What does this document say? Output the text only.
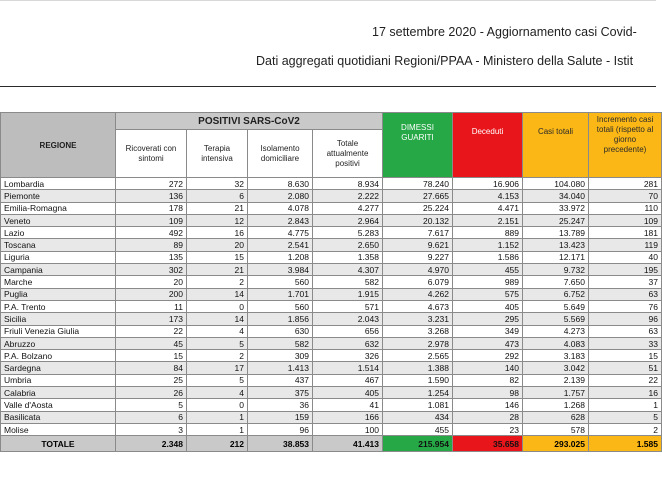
17 settembre 2020 - Aggiornamento casi Covid-
Dati aggregati quotidiani Regioni/PPAA - Ministero della Salute - Istit
REGIONE	POSITIVI SARS-CoV2				DIMESSI GUARITI	Deceduti	Casi totali	Incremento casi totali (rispetto al giorno precedente)
	Ricoverati con sintomi	Terapia intensiva	Isolamento domiciliare	Totale attualmente positivi				
Lombardia	272	32	8.630	8.934	78.240	16.906	104.080	281
Piemonte	136	6	2.080	2.222	27.665	4.153	34.040	70
Emilia-Romagna	178	21	4.078	4.277	25.224	4.471	33.972	110
Veneto	109	12	2.843	2.964	20.132	2.151	25.247	109
Lazio	492	16	4.775	5.283	7.617	889	13.789	181
Toscana	89	20	2.541	2.650	9.621	1.152	13.423	119
Liguria	135	15	1.208	1.358	9.227	1.586	12.171	40
Campania	302	21	3.984	4.307	4.970	455	9.732	195
Marche	20	2	560	582	6.079	989	7.650	37
Puglia	200	14	1.701	1.915	4.262	575	6.752	63
P.A. Trento	11	0	560	571	4.673	405	5.649	76
Sicilia	173	14	1.856	2.043	3.231	295	5.569	96
Friuli Venezia Giulia	22	4	630	656	3.268	349	4.273	63
Abruzzo	45	5	582	632	2.978	473	4.083	33
P.A. Bolzano	15	2	309	326	2.565	292	3.183	15
Sardegna	84	17	1.413	1.514	1.388	140	3.042	51
Umbria	25	5	437	467	1.590	82	2.139	22
Calabria	26	4	375	405	1.254	98	1.757	16
Valle d'Aosta	5	0	36	41	1.081	146	1.268	1
Basilicata	6	1	159	166	434	28	628	5
Molise	3	1	96	100	455	23	578	2
TOTALE	2.348	212	38.853	41.413	215.954	35.658	293.025	1.585
